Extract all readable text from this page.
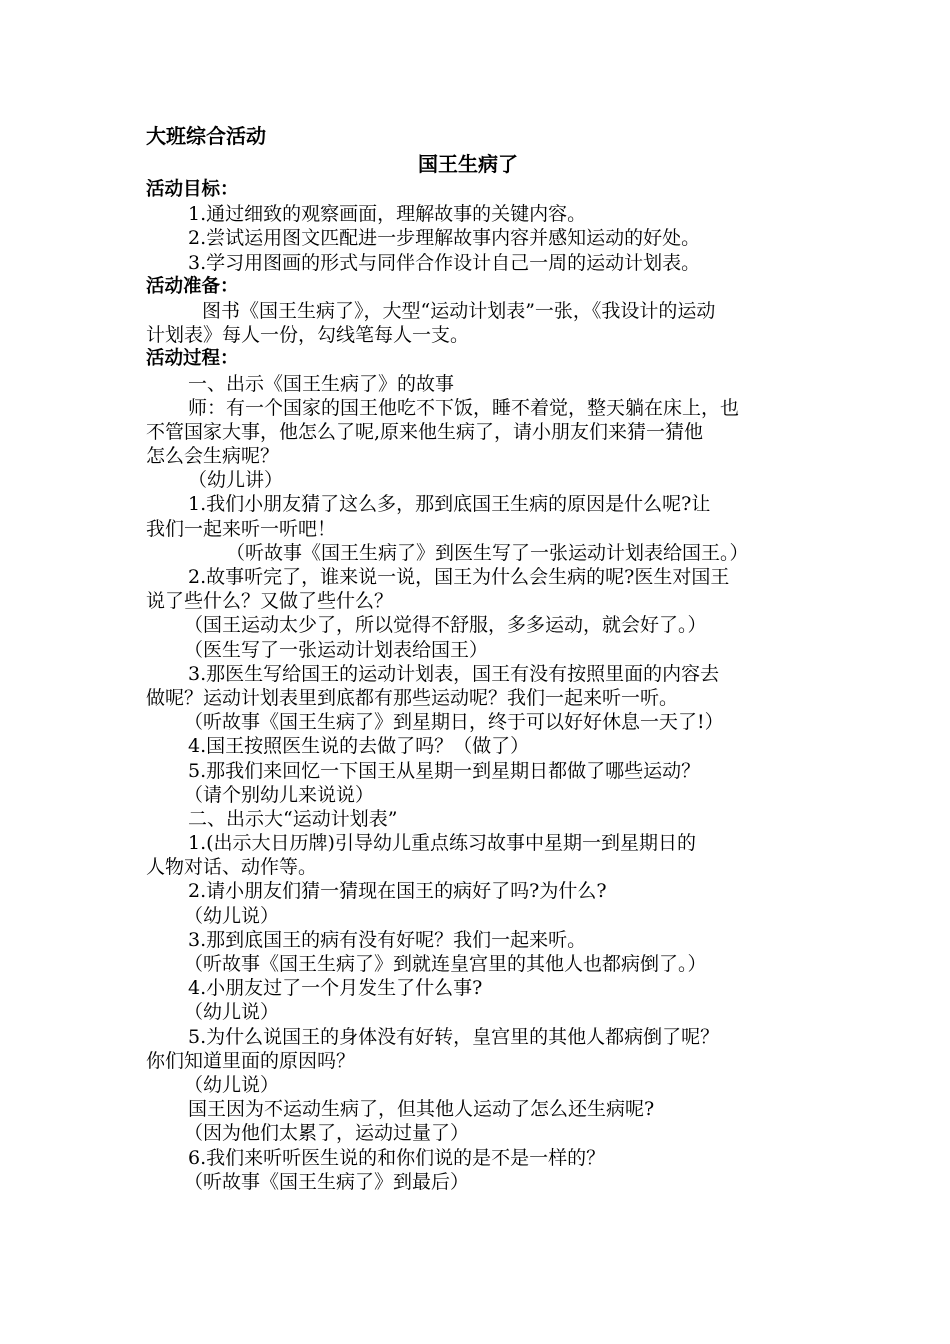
大班综合活动
国王生病了
活动目标：
1.通过细致的观察画面，理解故事的关键内容。
2.尝试运用图文匹配进一步理解故事内容并感知运动的好处。
3.学习用图画的形式与同伴合作设计自己一周的运动计划表。
活动准备：
图书《国王生病了》，大型“运动计划表”一张，《我设计的运动
计划表》每人一份，勾线笔每人一支。
活动过程：
一、出示《国王生病了》的故事
师：有一个国家的国王他吃不下饭，睡不着觉，整天躺在床上，也
不管国家大事，他怎么了呢,原来他生病了，请小朋友们来猜一猜他
怎么会生病呢？
（幼儿讲）
1.我们小朋友猜了这么多，那到底国王生病的原因是什么呢?让
我们一起来听一听吧！
（听故事《国王生病了》到医生写了一张运动计划表给国王。）
2.故事听完了，谁来说一说，国王为什么会生病的呢?医生对国王
说了些什么？又做了些什么？
（国王运动太少了，所以觉得不舒服，多多运动，就会好了。）
（医生写了一张运动计划表给国王）
3.那医生写给国王的运动计划表，国王有没有按照里面的内容去
做呢？运动计划表里到底都有那些运动呢？我们一起来听一听。
（听故事《国王生病了》到星期日，终于可以好好休息一天了!）
4.国王按照医生说的去做了吗？（做了）
5.那我们来回忆一下国王从星期一到星期日都做了哪些运动？
（请个别幼儿来说说）
二、出示大“运动计划表”
1.(出示大日历牌)引导幼儿重点练习故事中星期一到星期日的
人物对话、动作等。
2.请小朋友们猜一猜现在国王的病好了吗?为什么?
（幼儿说）
3.那到底国王的病有没有好呢？我们一起来听。
（听故事《国王生病了》到就连皇宫里的其他人也都病倒了。）
4.小朋友过了一个月发生了什么事?
（幼儿说）
5.为什么说国王的身体没有好转，皇宫里的其他人都病倒了呢？
你们知道里面的原因吗？
（幼儿说）
国王因为不运动生病了，但其他人运动了怎么还生病呢?
（因为他们太累了，运动过量了）
6.我们来听听医生说的和你们说的是不是一样的？
（听故事《国王生病了》到最后）
